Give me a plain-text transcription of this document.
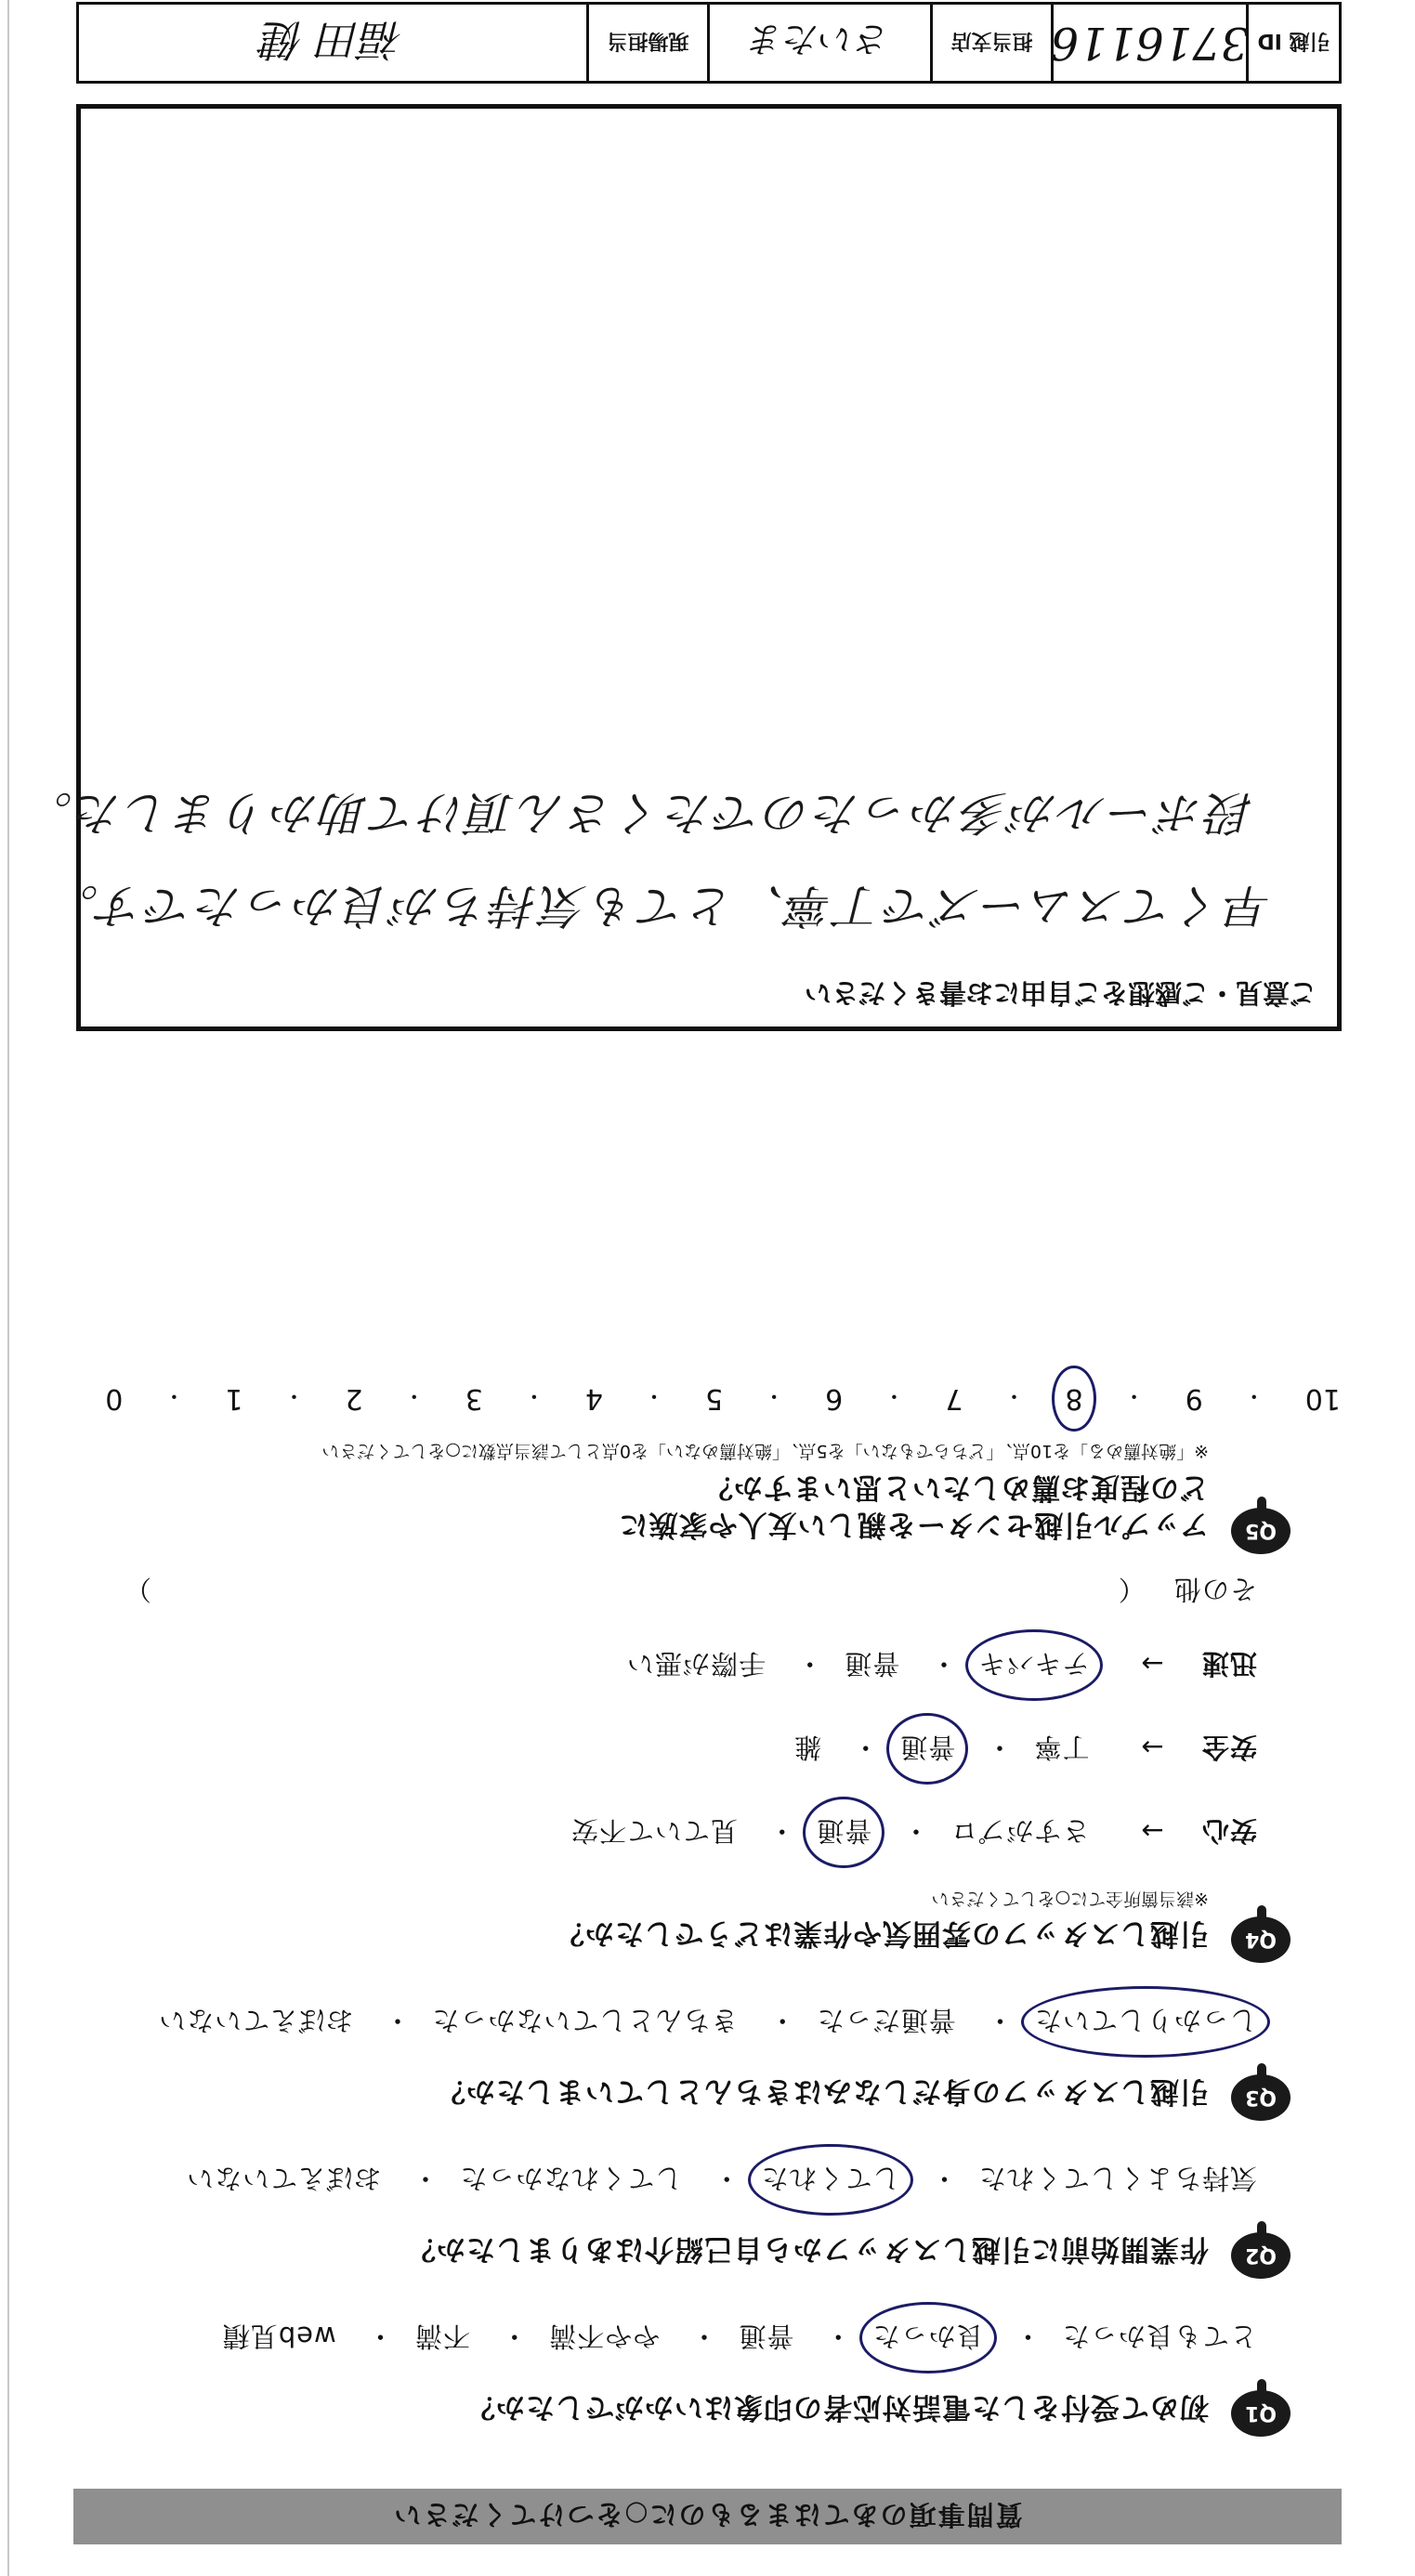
質問事項のあてはまるものに○をつけてください
Q1
初めて受付をした電話対応者の印象はいかがでしたか？
とても良かった・ 良かった・ 普通・ やや不満・ 不満・ web見積
Q2
作業開始前に引越しスタッフから自己紹介はありましたか？
気持ちよくしてくれた・ してくれた・ してくれなかった・ おぼえていない
Q3
引越しスタッフの身だしなみはきちんとしていましたか？
しっかりしていた・ 普通だった・ きちんとしていなかった・ おぼえていない
Q4
引越しスタッフの雰囲気や作業はどうでしたか？
※該当箇所全てに○をしてください
安心 → さすがプロ・ 普通・ 見ていて不安
安全 → 丁寧・ 普通・ 雑
迅速 → テキパキ・ 普通・ 手際が悪い
その他 （
）
Q5
アップル引越センターを親しい友人や家族に
どの程度お薦めしたいと思いますか？
※「絶対薦める」を10点、「どちらでもない」を5点、「絶対薦めない」を0点として該当点数に○をしてください
10
・
9
・
8
・
7
・
6
・
5
・
4
・
3
・
2
・
1
・
0
ご意見・ご感想をご自由にお書きください
早くてスムーズで丁寧、とても気持ちが良かったです。
段ボールが多かったのでたくさん頂けて助かりました。
引越 ID
3716116
担当支店
さいたま
現場担当
福田 健
